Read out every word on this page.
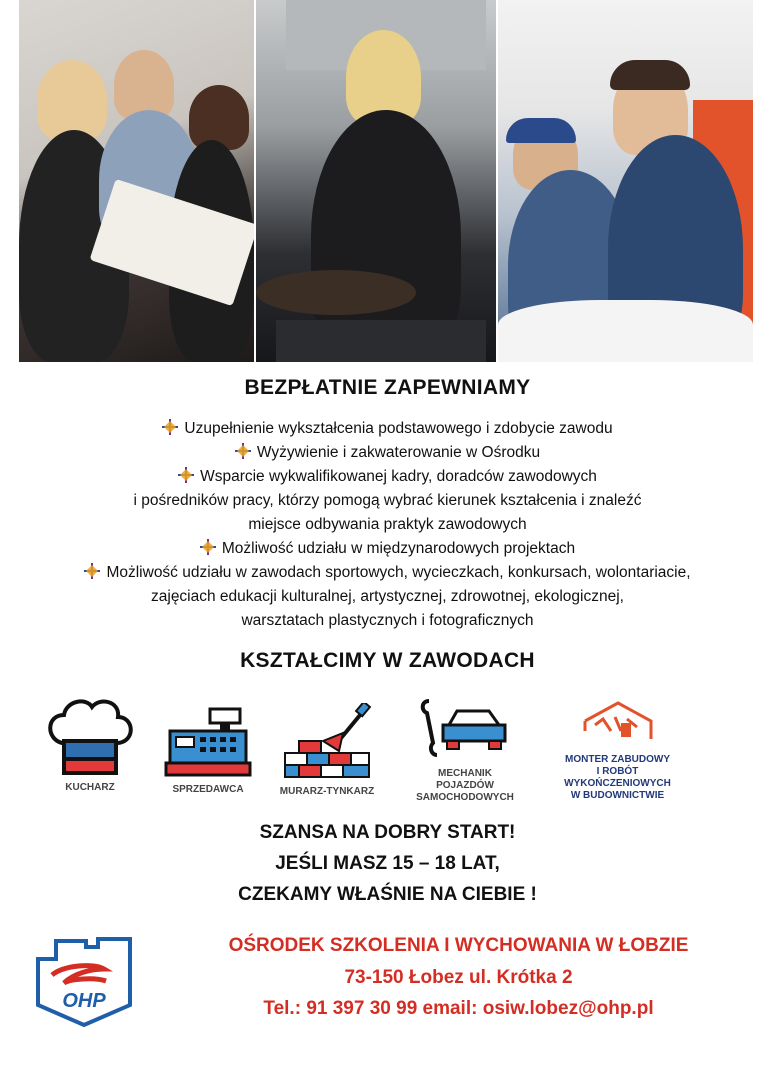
BEZPŁATNIE ZAPEWNIAMY
Uzupełnienie wykształcenia podstawowego i zdobycie zawodu
Wyżywienie i zakwaterowanie w Ośrodku
Wsparcie wykwalifikowanej kadry, doradców zawodowych
i pośredników pracy, którzy pomogą wybrać kierunek kształcenia i znaleźć
miejsce odbywania praktyk zawodowych
Możliwość udziału w międzynarodowych projektach
Możliwość udziału w zawodach sportowych, wycieczkach, konkursach, wolontariacie,
zajęciach edukacji kulturalnej, artystycznej, zdrowotnej, ekologicznej,
warsztatach plastycznych i fotograficznych
KSZTAŁCIMY W ZAWODACH
KUCHARZ	SPRZEDAWCA	MURARZ-TYNKARZ
MECHANIK
POJAZDÓW
SAMOCHODOWYCH
MONTER ZABUDOWY
I ROBÓT
WYKOŃCZENIOWYCH
W BUDOWNICTWIE
SZANSA NA DOBRY START!
JEŚLI MASZ 15 – 18 LAT,
CZEKAMY WŁAŚNIE NA CIEBIE !
OHP
OŚRODEK SZKOLENIA I WYCHOWANIA W ŁOBZIE
73-150 Łobez ul. Krótka 2
Tel.: 91 397 30 99 email: osiw.lobez@ohp.pl
